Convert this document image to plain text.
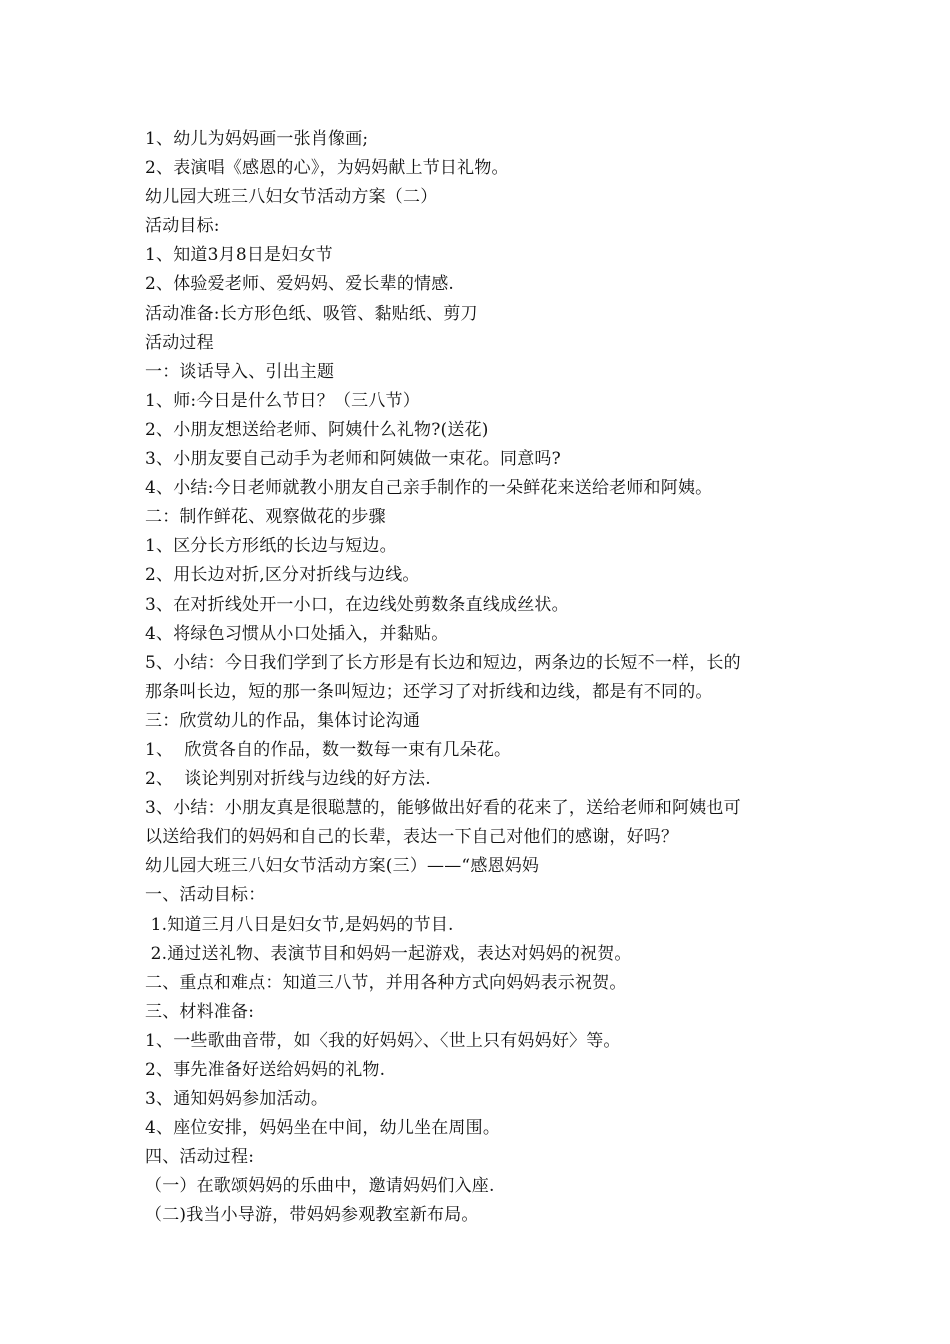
1、幼儿为妈妈画一张肖像画;
2、表演唱《感恩的心》，为妈妈献上节日礼物。
幼儿园大班三八妇女节活动方案（二）
活动目标:
1、知道3月8日是妇女节
2、体验爱老师、爱妈妈、爱长辈的情感.
活动准备:长方形色纸、吸管、黏贴纸、剪刀
活动过程
一：谈话导入、引出主题
1、师:今日是什么节日？（三八节）
2、小朋友想送给老师、阿姨什么礼物?(送花)
3、小朋友要自己动手为老师和阿姨做一束花。同意吗?
4、小结:今日老师就教小朋友自己亲手制作的一朵鲜花来送给老师和阿姨。
二：制作鲜花、观察做花的步骤
1、区分长方形纸的长边与短边。
2、用长边对折,区分对折线与边线。
3、在对折线处开一小口，在边线处剪数条直线成丝状。
4、将绿色习惯从小口处插入，并黏贴。
5、小结：今日我们学到了长方形是有长边和短边，两条边的长短不一样，长的
那条叫长边，短的那一条叫短边；还学习了对折线和边线，都是有不同的。
三：欣赏幼儿的作品，集体讨论沟通
1、  欣赏各自的作品，数一数每一束有几朵花。
2、  谈论判别对折线与边线的好方法.
3、小结：小朋友真是很聪慧的，能够做出好看的花来了，送给老师和阿姨也可
以送给我们的妈妈和自己的长辈，表达一下自己对他们的感谢，好吗？
幼儿园大班三八妇女节活动方案(三）——“感恩妈妈
一、活动目标：
1.知道三月八日是妇女节,是妈妈的节目.
2.通过送礼物、表演节目和妈妈一起游戏，表达对妈妈的祝贺。
二、重点和难点：知道三八节，并用各种方式向妈妈表示祝贺。
三、材料准备:
1、一些歌曲音带，如〈我的好妈妈〉、〈世上只有妈妈好〉等。
2、事先准备好送给妈妈的礼物.
3、通知妈妈参加活动。
4、座位安排，妈妈坐在中间，幼儿坐在周围。
四、活动过程:
（一）在歌颂妈妈的乐曲中，邀请妈妈们入座.
（二)我当小导游，带妈妈参观教室新布局。
